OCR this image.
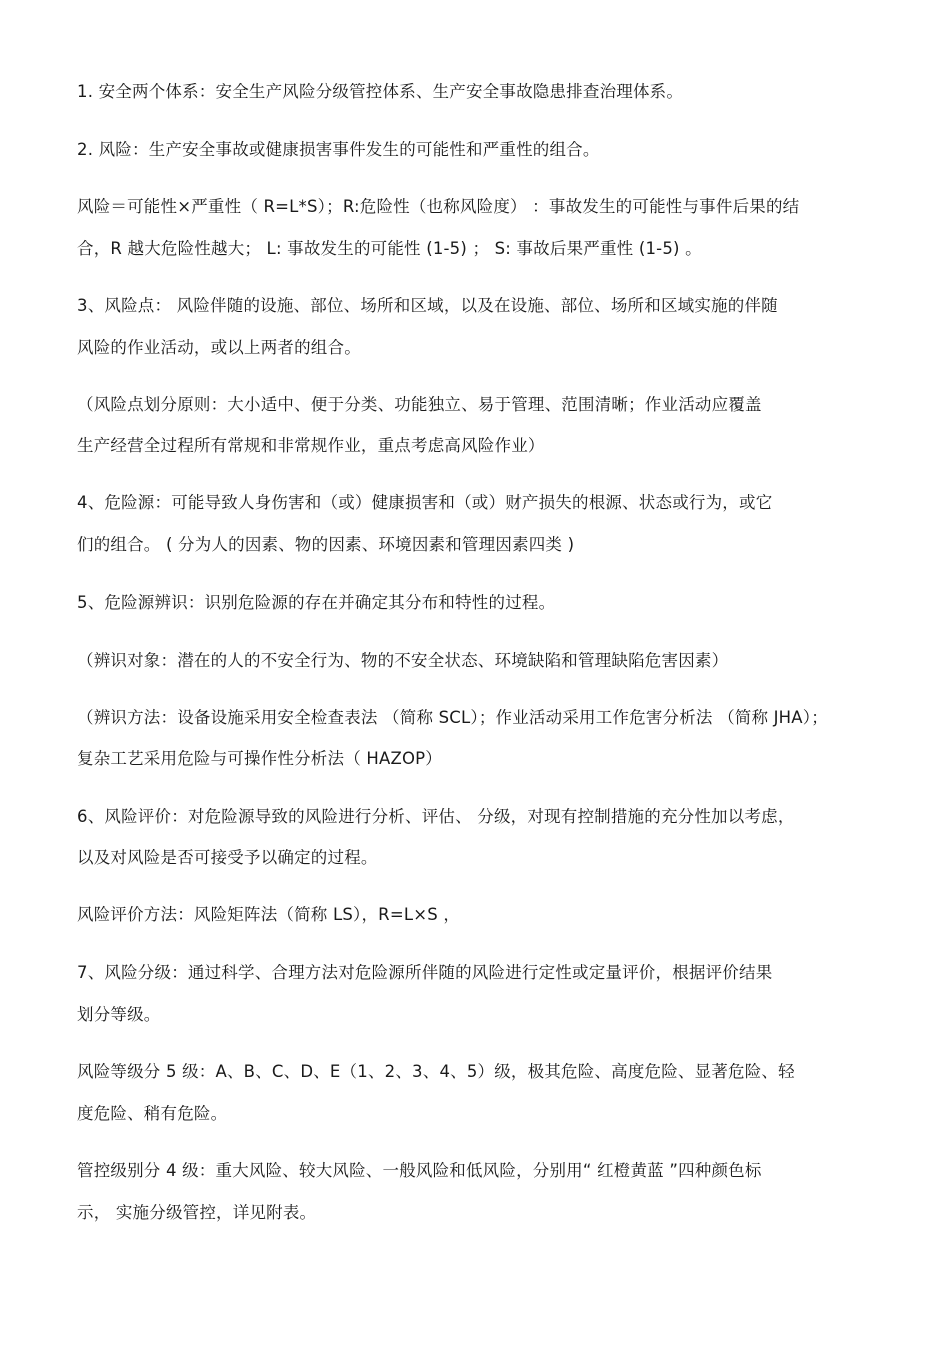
1. 安全两个体系：安全生产风险分级管控体系、生产安全事故隐患排查治理体系。
2. 风险：生产安全事故或健康损害事件发生的可能性和严重性的组合。
风险＝可能性×严重性（ R=L*S）；R:危险性（也称风险度） ：事故发生的可能性与事件后果的结
合，R 越大危险性越大； L: 事故发生的可能性 (1-5) ； S: 事故后果严重性 (1-5) 。
3、风险点： 风险伴随的设施、部位、场所和区域，以及在设施、部位、场所和区域实施的伴随
风险的作业活动，或以上两者的组合。
（风险点划分原则：大小适中、便于分类、功能独立、易于管理、范围清晰；作业活动应覆盖
生产经营全过程所有常规和非常规作业，重点考虑高风险作业）
4、危险源：可能导致人身伤害和（或）健康损害和（或）财产损失的根源、状态或行为，或它
们的组合。 ( 分为人的因素、物的因素、环境因素和管理因素四类 )
5、危险源辨识：识别危险源的存在并确定其分布和特性的过程。
（辨识对象：潜在的人的不安全行为、物的不安全状态、环境缺陷和管理缺陷危害因素）
（辨识方法：设备设施采用安全检查表法 （简称 SCL）；作业活动采用工作危害分析法 （简称 JHA）；
复杂工艺采用危险与可操作性分析法（ HAZOP）
6、风险评价：对危险源导致的风险进行分析、评估、 分级，对现有控制措施的充分性加以考虑，
以及对风险是否可接受予以确定的过程。
风险评价方法：风险矩阵法（简称 LS），R=L×S ，
7、风险分级：通过科学、合理方法对危险源所伴随的风险进行定性或定量评价，根据评价结果
划分等级。
风险等级分 5 级：A、B、C、D、E（1、2、3、4、5）级，极其危险、高度危险、显著危险、轻
度危险、稍有危险。
管控级别分 4 级：重大风险、较大风险、一般风险和低风险，分别用“ 红橙黄蓝 ”四种颜色标
示， 实施分级管控，详见附表。
